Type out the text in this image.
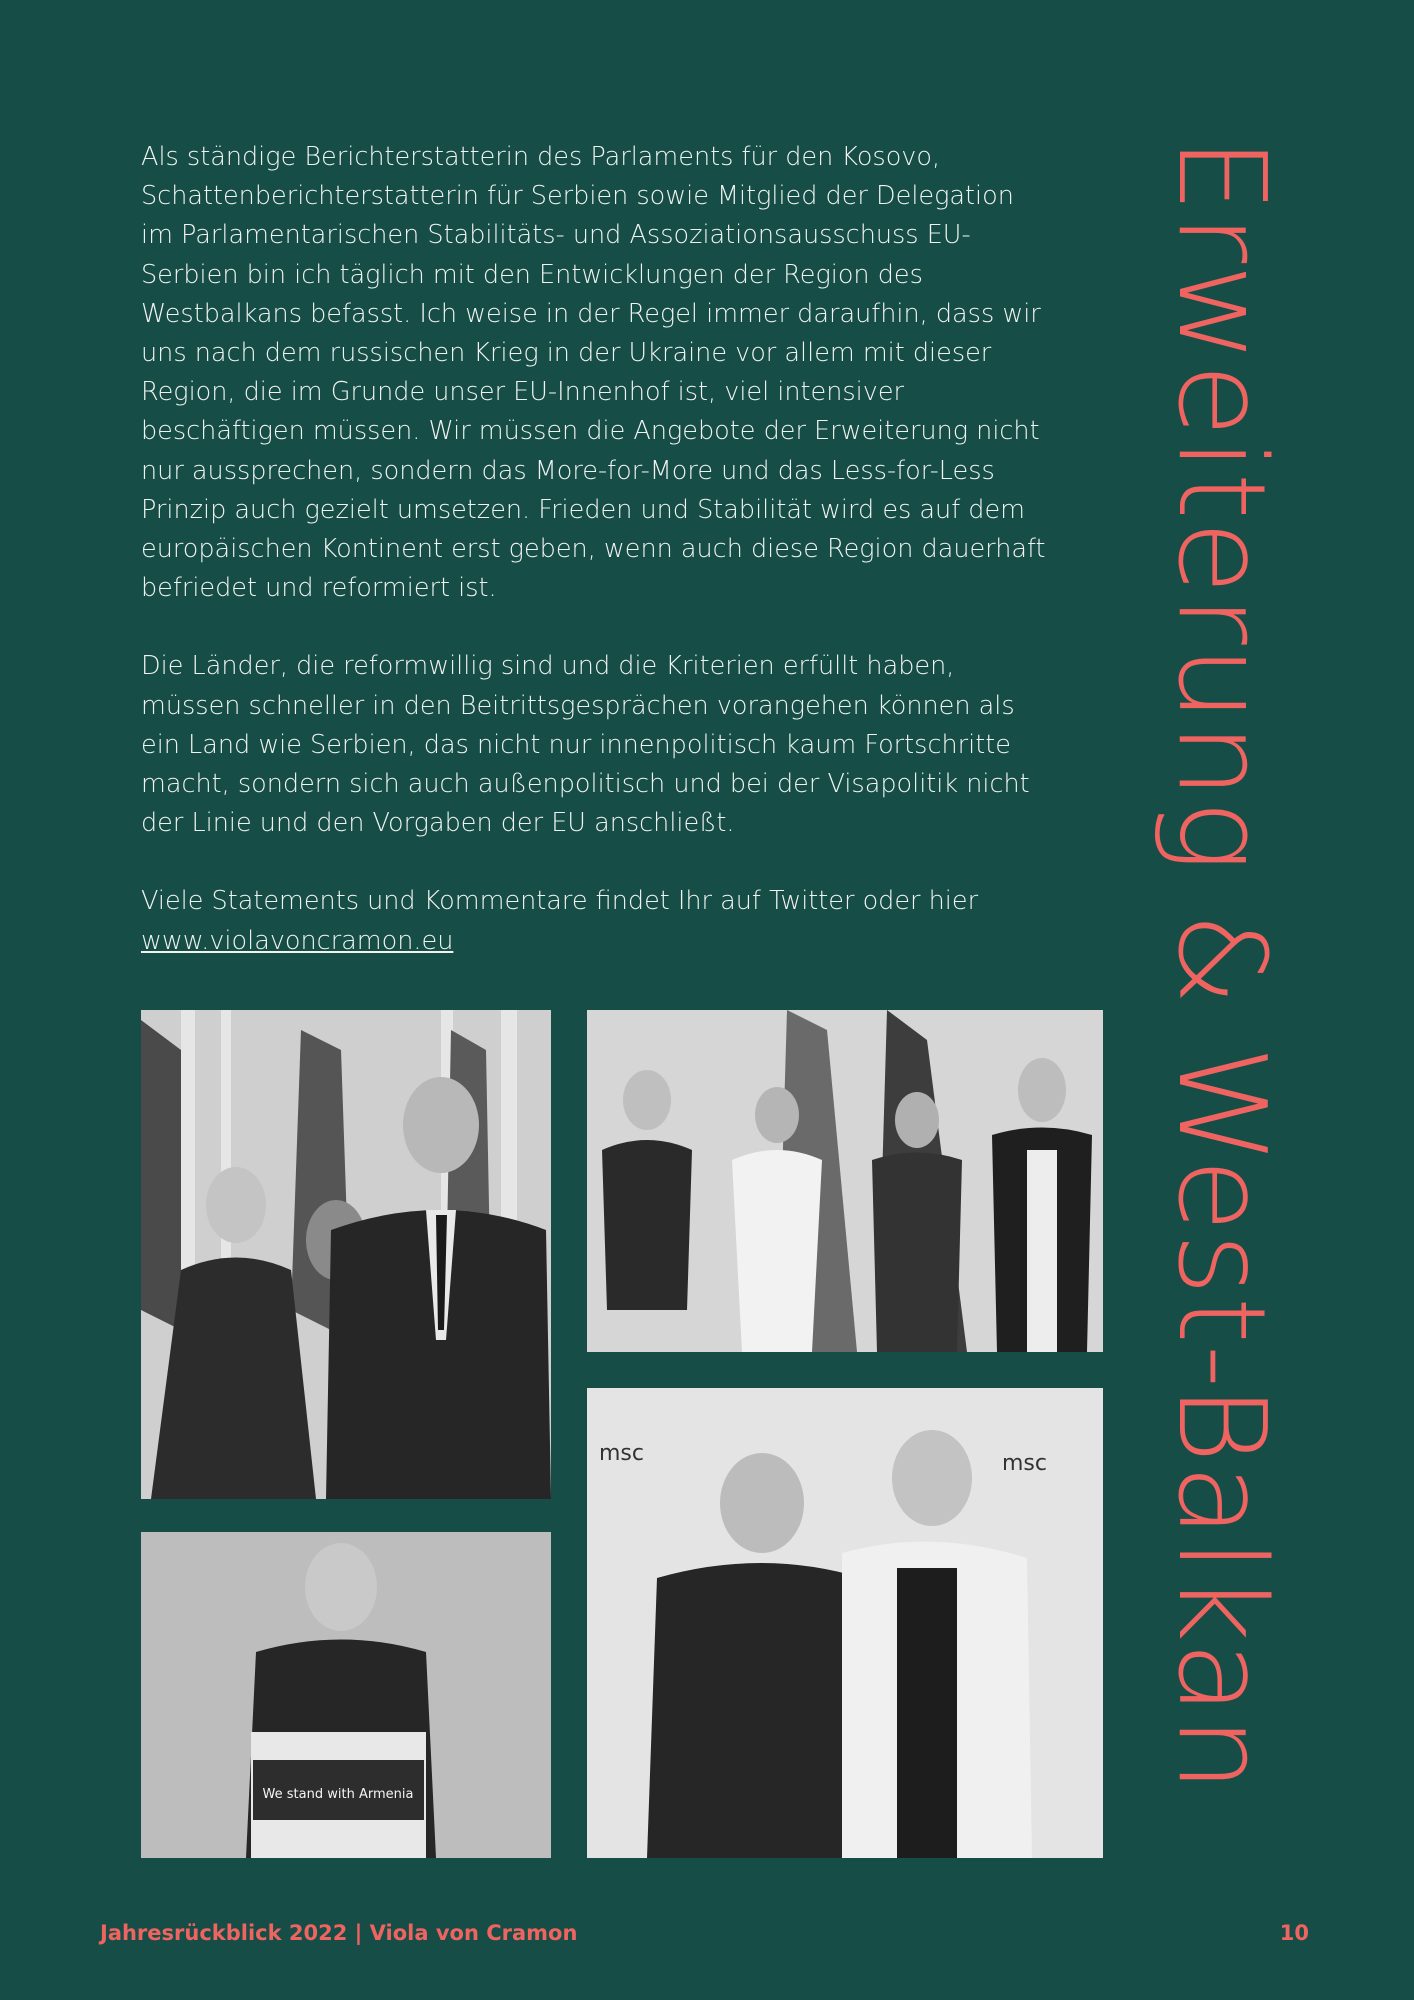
Als ständige Berichterstatterin des Parlaments für den Kosovo, Schattenberichterstatterin für Serbien sowie Mitglied der Delegation im Parlamentarischen Stabilitäts- und Assoziationsausschuss EU-Serbien bin ich täglich mit den Entwicklungen der Region des Westbalkans befasst. Ich weise in der Regel immer daraufhin, dass wir uns nach dem russischen Krieg in der Ukraine vor allem mit dieser Region, die im Grunde unser EU-Innenhof ist, viel intensiver beschäftigen müssen. Wir müssen die Angebote der Erweiterung nicht nur aussprechen, sondern das More-for-More und das Less-for-Less Prinzip auch gezielt umsetzen. Frieden und Stabilität wird es auf dem europäischen Kontinent erst geben, wenn auch diese Region dauerhaft befriedet und reformiert ist.

Die Länder, die reformwillig sind und die Kriterien erfüllt haben, müssen schneller in den Beitrittsgesprächen vorangehen können als ein Land wie Serbien, das nicht nur innenpolitisch kaum Fortschritte macht, sondern sich auch außenpolitisch und bei der Visapolitik nicht der Linie und den Vorgaben der EU anschließt.

Viele Statements und Kommentare findet Ihr auf Twitter oder hier
www.violavoncramon.eu	Erweiterung & West-Balkan
msc	msc
We stand with Armenia
Jahresrückblick 2022 | Viola von Cramon	10
